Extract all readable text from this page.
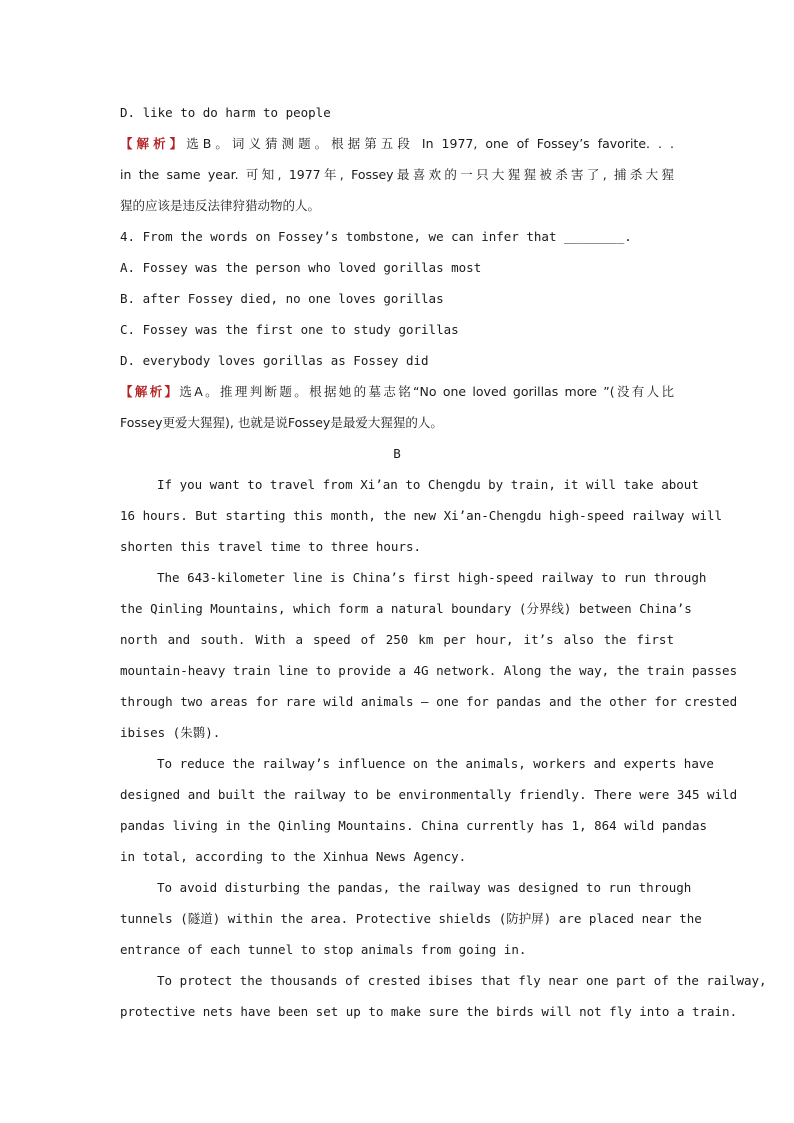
D. like to do harm to people
【解析】选B。词义猜测题。根据第五段 In 1977, one of Fossey’s favorite. . .
in the same year. 可知, 1977年, Fossey最喜欢的一只大猩猩被杀害了, 捕杀大猩
猩的应该是违反法律狩猎动物的人。
4. From the words on Fossey’s tombstone, we can infer that ________.
A. Fossey was the person who loved gorillas most
B. after Fossey died, no one loves gorillas
C. Fossey was the first one to study gorillas
D. everybody loves gorillas as Fossey did
【解析】选A。推理判断题。根据她的墓志铭“No one loved gorillas more ”(没有人比
Fossey更爱大猩猩), 也就是说Fossey是最爱大猩猩的人。
B
If you want to travel from Xi’an to Chengdu by train, it will take about
16 hours. But starting this month, the new Xi’an-Chengdu high-speed railway will
shorten this travel time to three hours.
The 643-kilometer line is China’s first high-speed railway to run through
the Qinling Mountains, which form a natural boundary (分界线) between China’s
north and south. With a speed of 250 km per hour, it’s also the first
mountain-heavy train line to provide a 4G network. Along the way, the train passes
through two areas for rare wild animals — one for pandas and the other for crested
ibises (朱鹮).
To reduce the railway’s influence on the animals, workers and experts have
designed and built the railway to be environmentally friendly. There were 345 wild
pandas living in the Qinling Mountains. China currently has 1, 864 wild pandas
in total, according to the Xinhua News Agency.
To avoid disturbing the pandas, the railway was designed to run through
tunnels (隧道) within the area. Protective shields (防护屏) are placed near the
entrance of each tunnel to stop animals from going in.
To protect the thousands of crested ibises that fly near one part of the railway,
protective nets have been set up to make sure the birds will not fly into a train.
